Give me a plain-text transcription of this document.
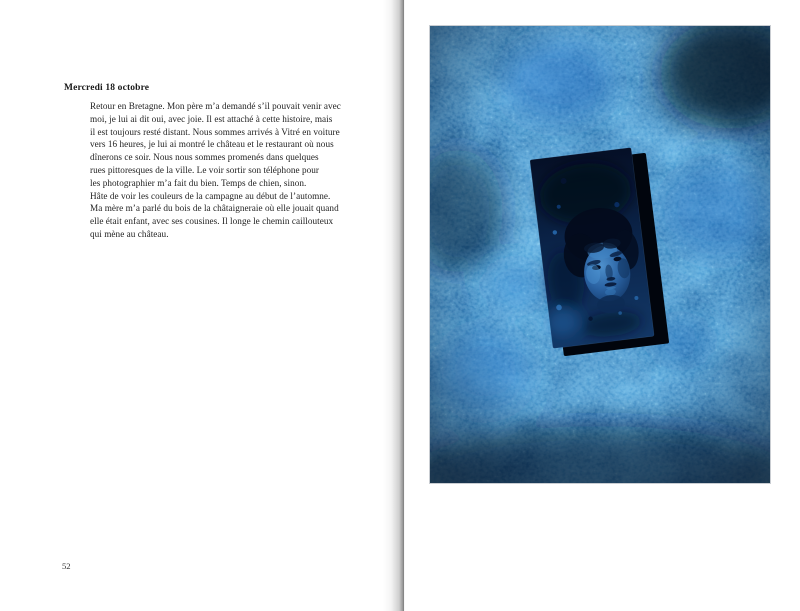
Mercredi 18 octobre
Retour en Bretagne. Mon père m’a demandé s’il pouvait venir avec
moi, je lui ai dit oui, avec joie. Il est attaché à cette histoire, mais
il est toujours resté distant. Nous sommes arrivés à Vitré en voiture
vers 16 heures, je lui ai montré le château et le restaurant où nous
dînerons ce soir. Nous nous sommes promenés dans quelques
rues pittoresques de la ville. Le voir sortir son téléphone pour
les photographier m’a fait du bien. Temps de chien, sinon.
Hâte de voir les couleurs de la campagne au début de l’automne.
Ma mère m’a parlé du bois de la châtaigneraie où elle jouait quand
elle était enfant, avec ses cousines. Il longe le chemin caillouteux
qui mène au château.
52
